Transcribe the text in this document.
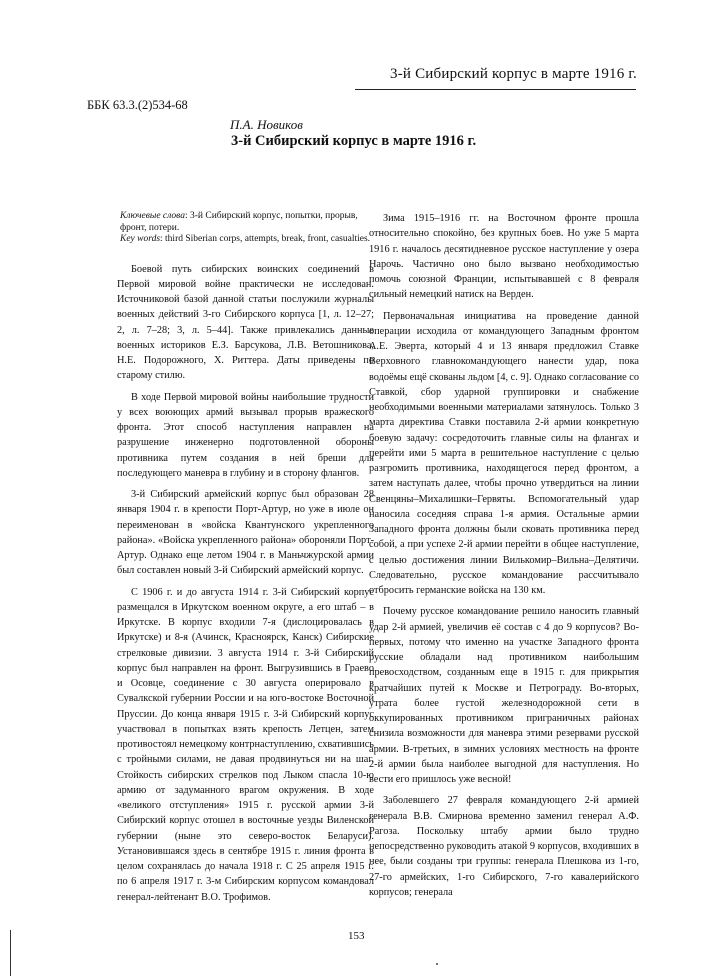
3-й Сибирский корпус в марте 1916 г.
ББК 63.3.(2)534-68
П.А. Новиков
3-й Сибирский корпус в марте 1916 г.
Ключевые слова: 3-й Сибирский корпус, попытки, прорыв, фронт, потери.
Key words: third Siberian corps, attempts, break, front, casualties.

Боевой путь сибирских воинских соединений в Первой мировой войне практически не исследован. Источниковой базой данной статьи послужили журналы военных действий 3-го Сибирского корпуса [1, л. 12–27; 2, л. 7–28; 3, л. 5–44]. Также привлекались данные военных историков Е.З. Барсукова, Л.В. Ветошникова, Н.Е. Подорожного, Х. Риттера. Даты приведены по старому стилю.

В ходе Первой мировой войны наибольшие трудности у всех воюющих армий вызывал прорыв вражеского фронта. Этот способ наступления направлен на разрушение инженерно подготовленной обороны противника путем создания в ней бреши для последующего маневра в глубину и в сторону флангов.

3-й Сибирский армейский корпус был образован 28 января 1904 г. в крепости Порт-Артур, но уже в июле он переименован в «войска Квантунского укрепленного района». «Войска укрепленного района» обороняли Порт-Артур. Однако еще летом 1904 г. в Маньчжурской армии был составлен новый 3-й Сибирский армейский корпус.

С 1906 г. и до августа 1914 г. 3-й Сибирский корпус размещался в Иркутском военном округе, а его штаб – в Иркутске. В корпус входили 7-я (дислоцировалась в Иркутске) и 8-я (Ачинск, Красноярск, Канск) Сибирские стрелковые дивизии. 3 августа 1914 г. 3-й Сибирский корпус был направлен на фронт. Выгрузившись в Граево и Осовце, соединение с 30 августа оперировало в Сувалкской губернии России и на юго-востоке Восточной Пруссии. До конца января 1915 г. 3-й Сибирский корпус участвовал в попытках взять крепость Летцен, затем противостоял немецкому контрнаступлению, схватившись с тройными силами, не давая продвинуться ни на шаг. Стойкость сибирских стрелков под Лыком спасла 10-ю армию от задуманного врагом окружения. В ходе «великого отступления» 1915 г. русской армии 3-й Сибирский корпус отошел в восточные уезды Виленской губернии (ныне это северо-восток Беларуси). Установившаяся здесь в сентябре 1915 г. линия фронта в целом сохранялась до начала 1918 г. С 25 апреля 1915 г. по 6 апреля 1917 г. 3-м Сибирским корпусом командовал генерал-лейтенант В.О. Трофимов.

Зима 1915–1916 гг. на Восточном фронте прошла относительно спокойно, без крупных боев. Но уже 5 марта 1916 г. началось десятидневное русское наступление у озера Нарочь. Частично оно было вызвано необходимостью помочь союзной Франции, испытывавшей с 8 февраля сильный немецкий натиск на Верден.

Первоначальная инициатива на проведение данной операции исходила от командующего Западным фронтом А.Е. Эверта, который 4 и 13 января предложил Ставке Верховного главнокомандующего нанести удар, пока водоёмы ещё скованы льдом [4, с. 9]. Однако согласование со Ставкой, сбор ударной группировки и снабжение необходимыми военными материалами затянулось. Только 3 марта директива Ставки поставила 2-й армии конкретную боевую задачу: сосредоточить главные силы на флангах и перейти ими 5 марта в решительное наступление с целью разгромить противника, находящегося перед фронтом, а затем наступать далее, чтобы прочно утвердиться на линии Свенцяны–Михалишки–Гервяты. Вспомогательный удар наносила соседняя справа 1-я армия. Остальные армии Западного фронта должны были сковать противника перед собой, а при успехе 2-й армии перейти в общее наступление, с целью достижения линии Вилькомир–Вильна–Делятичи. Следовательно, русское командование рассчитывало отбросить германские войска на 130 км.

Почему русское командование решило наносить главный удар 2-й армией, увеличив её состав с 4 до 9 корпусов? Во-первых, потому что именно на участке Западного фронта русские обладали над противником наибольшим превосходством, созданным еще в 1915 г. для прикрытия кратчайших путей к Москве и Петрограду. Во-вторых, утрата более густой железнодорожной сети в оккупированных противником приграничных районах снизила возможности для маневра этими резервами русской армии. В-третьих, в зимних условиях местность на фронте 2-й армии была наиболее выгодной для наступления. Но вести его пришлось уже весной!

Заболевшего 27 февраля командующего 2-й армией генерала В.В. Смирнова временно заменил генерал А.Ф. Рагоза. Поскольку штабу армии было трудно непосредственно руководить атакой 9 корпусов, входивших в нее, были созданы три группы: генерала Плешкова из 1-го, 27-го армейских, 1-го Сибирского, 7-го кавалерийского корпусов; генерала

153
